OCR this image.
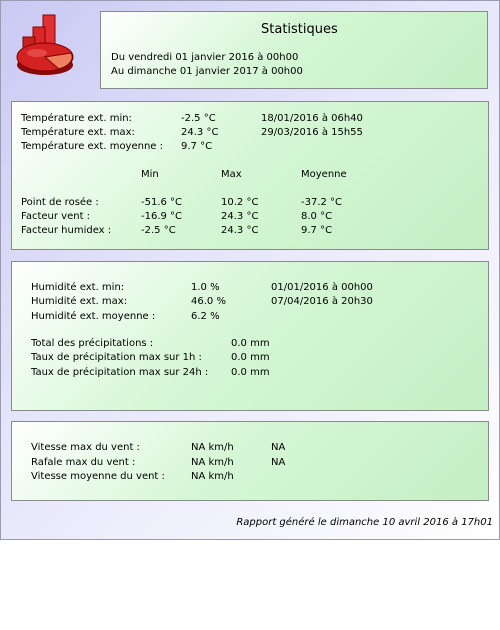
Statistiques
Du vendredi 01 janvier 2016 à 00h00
Au dimanche 01 janvier 2017 à 00h00
Température ext. min:	-2.5 °C	18/01/2016 à 06h40
Température ext. max:	24.3 °C	29/03/2016 à 15h55
Température ext. moyenne : 9.7 °C
Min	Max	Moyenne
Point de rosée :	-51.6 °C	10.2 °C	-37.2 °C
Facteur vent :	-16.9 °C	24.3 °C	8.0 °C
Facteur humidex :	-2.5 °C	24.3 °C	9.7 °C
Humidité ext. min:	1.0 %	01/01/2016 à 00h00
Humidité ext. max:	46.0 %	07/04/2016 à 20h30
Humidité ext. moyenne :	6.2 %
Total des précipitations :	0.0 mm
Taux de précipitation max sur 1h :	0.0 mm
Taux de précipitation max sur 24h : 0.0 mm
Vitesse max du vent :	NA km/h	NA
Rafale max du vent :	NA km/h	NA
Vitesse moyenne du vent :	NA km/h
Rapport généré le dimanche 10 avril 2016 à 17h01
